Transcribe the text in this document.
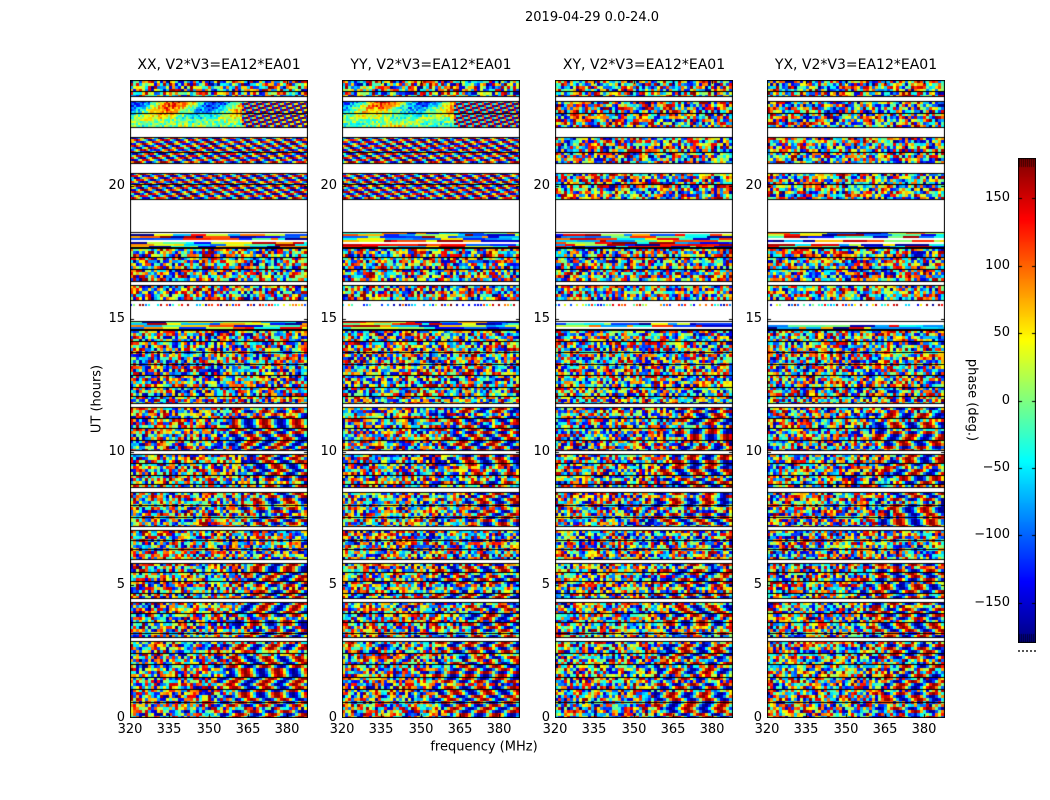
2019-04-29 0.0-24.0
UT (hours)
frequency (MHz)
phase (deg.)
XX, V2*V3=EA12*EA01	YY, V2*V3=EA12*EA01	XY, V2*V3=EA12*EA01	YX, V2*V3=EA12*EA01
320	335	350	365	380
0
5
10
15
20
320	335	350	365	380
0
5
10
15
20
320	335	350	365	380
0
5
10
15
20
320	335	350	365	380
0
5
10
15
20
150
100
50
0
−50
−100
−150
